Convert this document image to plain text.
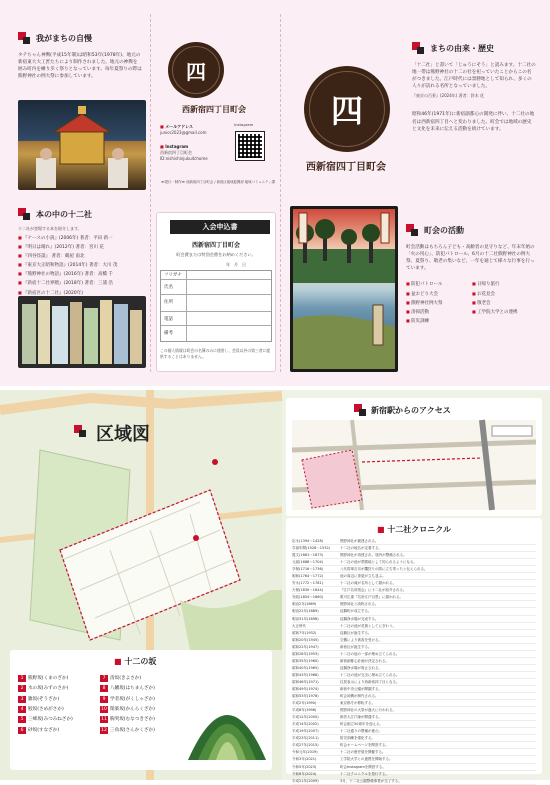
我がまちの自慢

タテちゃん神輿(平成15年制)は昭和53年(1978年)、地元の新宿東大大工匠たちにより制作されました。地元の神輿を囲み町内を練り歩く祭りとなっています。毎年夏祭りの際は熊野神社の例大祭に参加しています。	四
西新宿四丁目町会
■ メールアドレス
junior2023@gmail.com
■ Instagram
西新宿四丁目町会
ID:nishishinjuku4chome
Instagram
≪発行・制作≫ 西新宿四丁目町会 / 新宿区地域振興部 地域コミュニティ課
四
西新宿四丁目町会
まちの由来・歴史

「十二社」と書いて「じゅうにそう」と読みます。十二社の地一帯は熊野神社の十二の社を祀っていたことからこの名がつきました。江戸時代には景勝地として知られ、多くの人々が訪れる名所となっていました。

『東京の百景』(2024年) 著者：鈴木 花

昭和46年(1971年)に新宿副都心の開発に伴い、十二社の地名は西新宿四丁目へと変わりました。町会では地域の歴史と文化を未来に伝える活動を続けています。

本の中の十二社

十二社が登場する本を紹介します。

■ 『ナースの小説』(2006年) 著者：平田 新一
■ 『明日は晴れ』(2012年) 著者：宮川 花
■ 『四谷怪談』 著者：鶴屋 南北
■ 『東京大正昭和物語』(2014年) 著者：大川 茂
■ 『熊野神社の物語』(2016年) 著者：高橋 千
■ 『新宿十二社界隈』(2018年) 著者：三浦 浩
■ 『新宿区の十二社』(2020年)
入会申込書
西新宿四丁目町会
町会費または特別会費をお納めください。
年　月　日
フリガナ
氏名
住所
電話
備考
この個人情報は町会の名簿のみに使用し、会員以外の第三者に提供することはありません。
町会の活動

町会活動はもちろん子ども・高齢者の見守りなど、年末年始の「火の用心」、防犯パトロール、6月の十二社熊野神社の例大祭、夏祭り、敬老の集いなど、一年を通じて様々な行事を行っています。

■ 防犯パトロール
■ 盆おどり大会
■ 熊野神社例大祭
■ 清掃活動
■ 防災訓練
■ 日帰り旅行
■ お花見会
■ 敬老会
■ 工学院大学との連携
区域図
■ 十二の坂
1 熊野坂(くまのざか)
2 水の坂(みずのさか)
3 雑坂(ぞうざか)
4 鮫坂(さめがさか)
5 三峰坂(みつみねざか)
6 砂坂(すなざか)
7 清坂(きよさか)
8 八幡坂(はちまんざか)
9 学者坂(がくしゃざか)
10 閑楽坂(かんらくざか)
11 胸突坂(むなつきざか)
12 三角坂(さんかくざか)
新宿駅からのアクセス
■ 十二社クロニクル
応永(1394～1428)	熊野神社が創建される。
享禄年間(1528～1532)	十二社の地名が定着する。
寛文(1661～1673)	熊野神社が再建され、境内が整備される。
元禄(1688～1704)	十二社の池が景勝地として知られるようになる。
享保(1716～1736)	八代将軍吉宗が鷹狩りの際に立ち寄ったと伝えられる。
明和(1764～1772)	池の周辺に茶屋が立ち並ぶ。
安永(1772～1781)	十二社の滝が名所として描かれる。
天保(1830～1844)	『江戸名所図会』に十二社が紹介される。
安政(1854～1860)	歌川広重『名所江戸百景』に描かれる。
明治2年(1869)	熊野神社と改称される。
明治22年(1889)	淀橋町が成立する。
明治31年(1898)	淀橋浄水場が完成する。
大正時代	十二社の池が花街としてにぎわう。
昭和7年(1932)	淀橋区が誕生する。
昭和20年(1945)	空襲により被害を受ける。
昭和22年(1947)	新宿区が誕生する。
昭和28年(1953)	十二社の池の一部が埋め立てられる。
昭和35年(1960)	新宿副都心計画が決定される。
昭和40年(1965)	淀橋浄水場が廃止される。
昭和43年(1968)	十二社の池が完全に埋め立てられる。
昭和46年(1971)	住居表示により西新宿四丁目となる。
昭和49年(1974)	新宿中央公園が開園する。
昭和53年(1978)	町会神輿が制作される。
平成2年(1990)	東京都庁が移転する。
平成8年(1996)	熊野神社の大祭が盛大に行われる。
平成12年(2000)	都営大江戸線が開通する。
平成14年(2002)	町会創立50周年を迎える。
平成19年(2007)	十二社通りの整備が進む。
平成23年(2011)	防災訓練を強化する。
平成27年(2015)	町会ホームページを開設する。
令和元年(2019)	十二社の歴史展を開催する。
令和3年(2021)	工学院大学との連携を開始する。
令和5年(2023)	町会Instagramを開設する。
令和6年(2024)	十二社クロニクルを発行する。
平成21年(2009)	3月、十二社公園整備事業が完了する。
